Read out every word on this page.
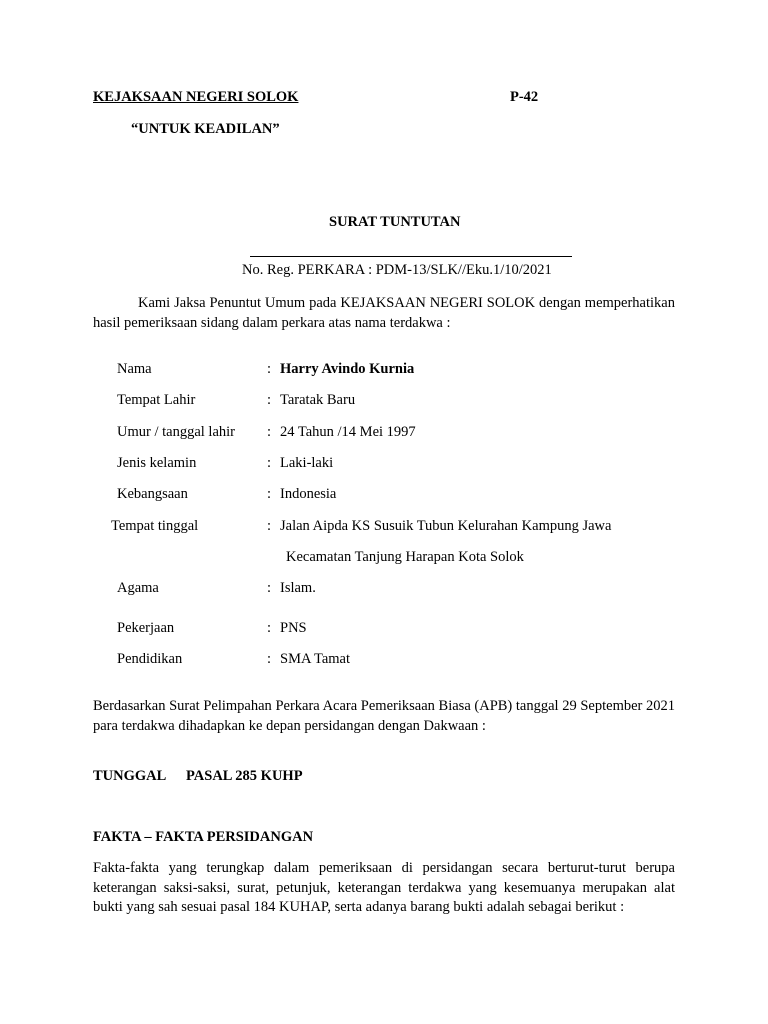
KEJAKSAAN NEGERI SOLOK	P-42
“UNTUK KEADILAN”
SURAT TUNTUTAN
No. Reg. PERKARA : PDM-13/SLK//Eku.1/10/2021
Kami Jaksa Penuntut Umum pada KEJAKSAAN NEGERI SOLOK dengan memperhatikan hasil pemeriksaan sidang dalam perkara atas nama terdakwa :
Nama	: Harry Avindo Kurnia
Tempat Lahir	: Taratak Baru
Umur / tanggal lahir : 24 Tahun /14 Mei 1997
Jenis kelamin	: Laki-laki
Kebangsaan	: Indonesia
Tempat tinggal	: Jalan Aipda KS Susuik Tubun Kelurahan Kampung Jawa
Kecamatan Tanjung Harapan Kota Solok
Agama	: Islam.
Pekerjaan	: PNS
Pendidikan	: SMA Tamat
Berdasarkan Surat Pelimpahan Perkara Acara Pemeriksaan Biasa (APB) tanggal 29 September 2021 para terdakwa dihadapkan ke depan persidangan dengan Dakwaan :
TUNGGAL PASAL 285 KUHP
FAKTA – FAKTA PERSIDANGAN
Fakta-fakta yang terungkap dalam pemeriksaan di persidangan secara berturut-turut berupa keterangan saksi-saksi, surat, petunjuk, keterangan terdakwa yang kesemuanya merupakan alat bukti yang sah sesuai pasal 184 KUHAP, serta adanya barang bukti adalah sebagai berikut :
